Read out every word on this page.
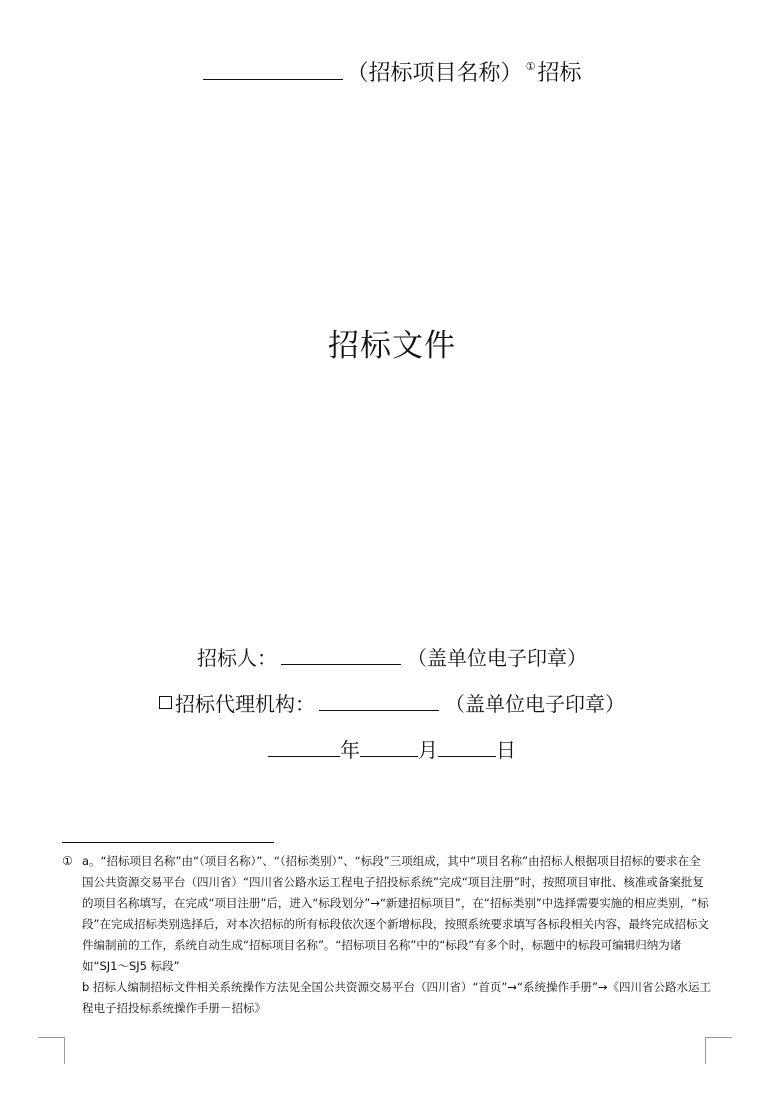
（招标项目名称） ①招标
招标文件
招标人：	（盖单位电子印章）
招标代理机构：	（盖单位电子印章）
年	月	日
① a。“招标项目名称”由“（项目名称）”、“（招标类别）”、“标段”三项组成，其中“项目名称”由招标人根据项目招标的要求在全国公共资源交易平台（四川省）“四川省公路水运工程电子招投标系统”完成“项目注册”时，按照项目审批、核准或备案批复的项目名称填写，在完成“项目注册”后，进入“标段划分”→“新建招标项目”，在“招标类别”中选择需要实施的相应类别，“标段”在完成招标类别选择后，对本次招标的所有标段依次逐个新增标段，按照系统要求填写各标段相关内容，最终完成招标文件编制前的工作，系统自动生成“招标项目名称”。“招标项目名称”中的“标段”有多个时，标题中的标段可编辑归纳为诸如“SJ1～SJ5 标段”
b 招标人编制招标文件相关系统操作方法见全国公共资源交易平台（四川省）“首页”→“系统操作手册”→《四川省公路水运工程电子招投标系统操作手册－招标》
